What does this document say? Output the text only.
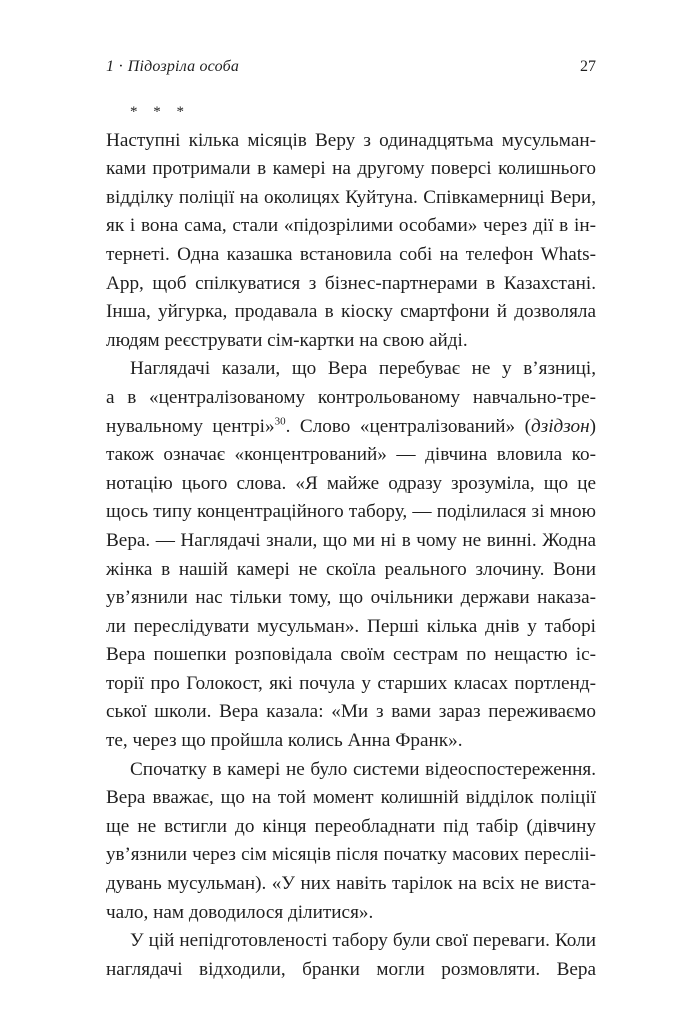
1 · Підозріла особа	27
* * *

Наступні кілька місяців Веру з одинадцятьма мусульман-
ками протримали в камері на другому поверсі колишнього
відділку поліції на околицях Куйтуна. Співкамерниці Вери,
як і вона сама, стали «підозрілими особами» через дії в ін-
тернеті. Одна казашка встановила собі на телефон Whats-
App, щоб спілкуватися з бізнес-партнерами в Казахстані.
Інша, уйгурка, продавала в кіоску смартфони й дозволяла
людям реєструвати сім-картки на свою айді.

Наглядачі казали, що Вера перебуває не у в’язниці,
а в «централізованому контрольованому навчально-тре-
нувальному центрі»$^{30}$. Слово «централізований» (дзідзон)
також означає «концентрований» — дівчина вловила ко-
нотацію цього слова. «Я майже одразу зрозуміла, що це
щось типу концентраційного табору, — поділилася зі мною
Вера. — Наглядачі знали, що ми ні в чому не винні. Жодна
жінка в нашій камері не скоїла реального злочину. Вони
ув’язнили нас тільки тому, що очільники держави наказа-
ли переслідувати мусульман». Перші кілька днів у таборі
Вера пошепки розповідала своїм сестрам по нещастю іс-
торії про Голокост, які почула у старших класах портленд-
ської школи. Вера казала: «Ми з вами зараз переживаємо
те, через що пройшла колись Анна Франк».

Спочатку в камері не було системи відеоспостереження.
Вера вважає, що на той момент колишній відділок поліції
ще не встигли до кінця переобладнати під табір (дівчину
ув’язнили через сім місяців після початку масових пересліі-
дувань мусульман). «У них навіть тарілок на всіх не виста-
чало, нам доводилося ділитися».

У цій непідготовленості табору були свої переваги. Коли
наглядачі відходили, бранки могли розмовляти. Вера
